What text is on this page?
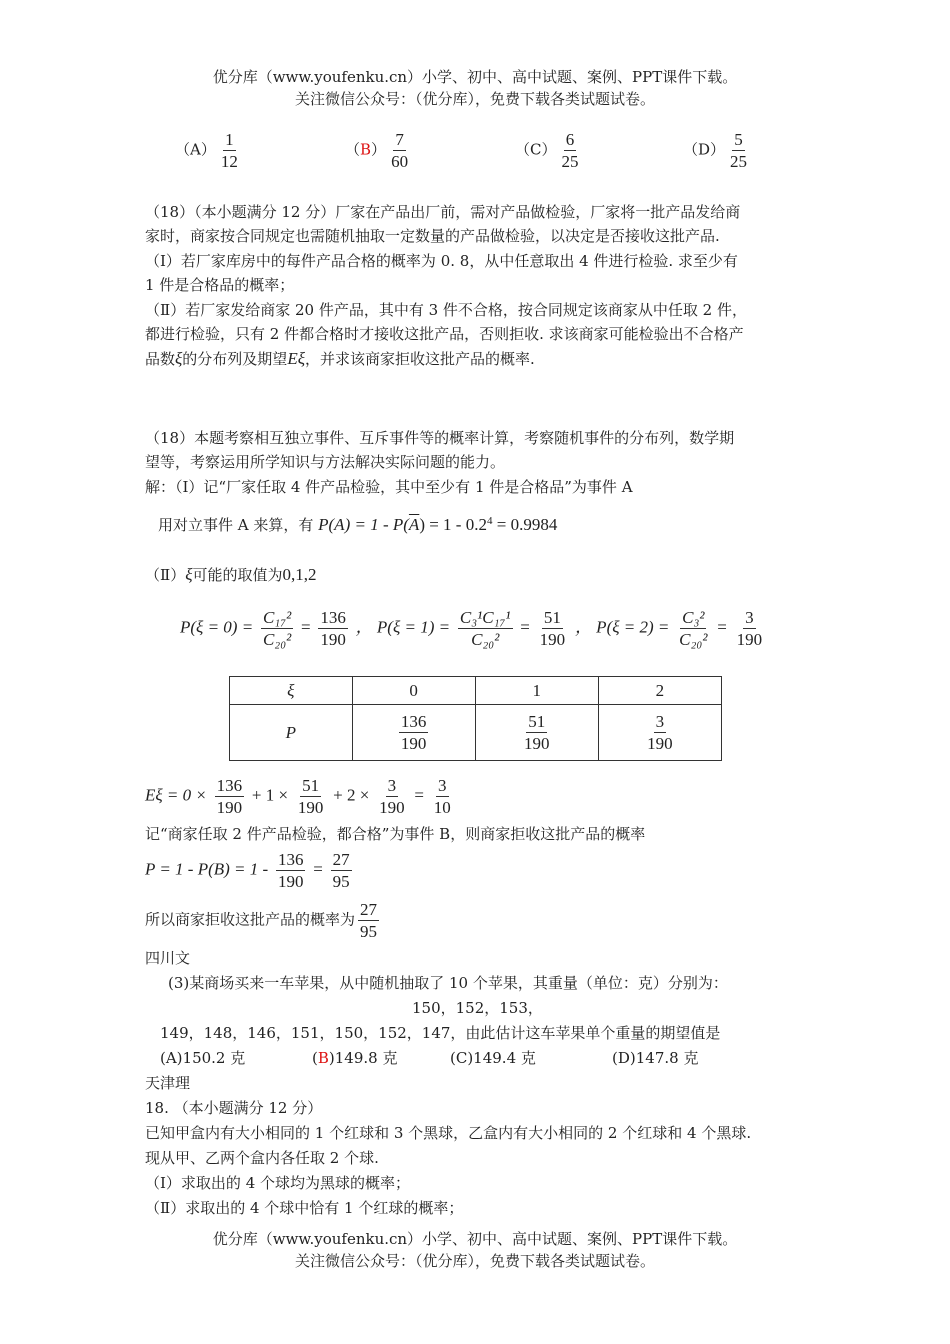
优分库（www.youfenku.cn）小学、初中、高中试题、案例、PPT课件下载。
关注微信公众号：（优分库），免费下载各类试题试卷。
$(A) \frac{1}{12}$	$(B) \frac{7}{60}$	$(C) \frac{6}{25}$	$(D) \frac{5}{25}$
（18）（本小题满分 12 分）厂家在产品出厂前，需对产品做检验，厂家将一批产品发给商
家时，商家按合同规定也需随机抽取一定数量的产品做检验，以决定是否接收这批产品.
（Ⅰ）若厂家库房中的每件产品合格的概率为 0. 8，从中任意取出 4 件进行检验. 求至少有
1 件是合格品的概率；
（Ⅱ）若厂家发给商家 20 件产品，其中有 3 件不合格，按合同规定该商家从中任取 2 件，
都进行检验，只有 2 件都合格时才接收这批产品，否则拒收. 求该商家可能检验出不合格产
品数ξ的分布列及期望Eξ，并求该商家拒收这批产品的概率.
（18）本题考察相互独立事件、互斥事件等的概率计算，考察随机事件的分布列，数学期
望等，考察运用所学知识与方法解决实际问题的能力。
解：（Ⅰ）记“厂家任取 4 件产品检验，其中至少有 1 件是合格品”为事件 A
用对立事件 A 来算，有 $P(A) = 1 - P(\overline{A}) = 1 - 0.2^4 = 0.9984$
（Ⅱ）ξ可能的取值为0,1,2
$P(\xi = 0) = \frac{\text{C₁₇²}}{\text{C₂₀²}} = \frac{136}{190}$ ， $P(\xi = 1) = \frac{\text{C₃¹C₁₇¹}}{\text{C₂₀²}} = \frac{51}{190}$ ， $P(\xi = 2) = \frac{\text{C₃²}}{\text{C₂₀²}} = \frac{3}{190}$
ξ	0	1	2
P	$\frac{136}{190}$	$\frac{51}{190}$	$\frac{3}{190}$
$E\xi = 0 \times \frac{136}{190} + 1 \times \frac{51}{190} + 2 \times \frac{3}{190} = \frac{3}{10}$
记“商家任取 2 件产品检验，都合格”为事件 B，则商家拒收这批产品的概率
$P = 1 - P(B) = 1 - \frac{136}{190} = \frac{27}{95}$
所以商家拒收这批产品的概率为 $\frac{27}{95}$
四川文
(3)某商场买来一车苹果，从中随机抽取了 10 个苹果，其重量（单位：克）分别为：
150，152，153，
149，148，146，151，150，152，147，由此估计这车苹果单个重量的期望值是
(A)150.2 克	(B)149.8 克	(C)149.4 克	(D)147.8 克
天津理
18. （本小题满分 12 分）
已知甲盒内有大小相同的 1 个红球和 3 个黑球，乙盒内有大小相同的 2 个红球和 4 个黑球.
现从甲、乙两个盒内各任取 2 个球.
（Ⅰ）求取出的 4 个球均为黑球的概率；
（Ⅱ）求取出的 4 个球中恰有 1 个红球的概率；
优分库（www.youfenku.cn）小学、初中、高中试题、案例、PPT课件下载。
关注微信公众号：（优分库），免费下载各类试题试卷。
